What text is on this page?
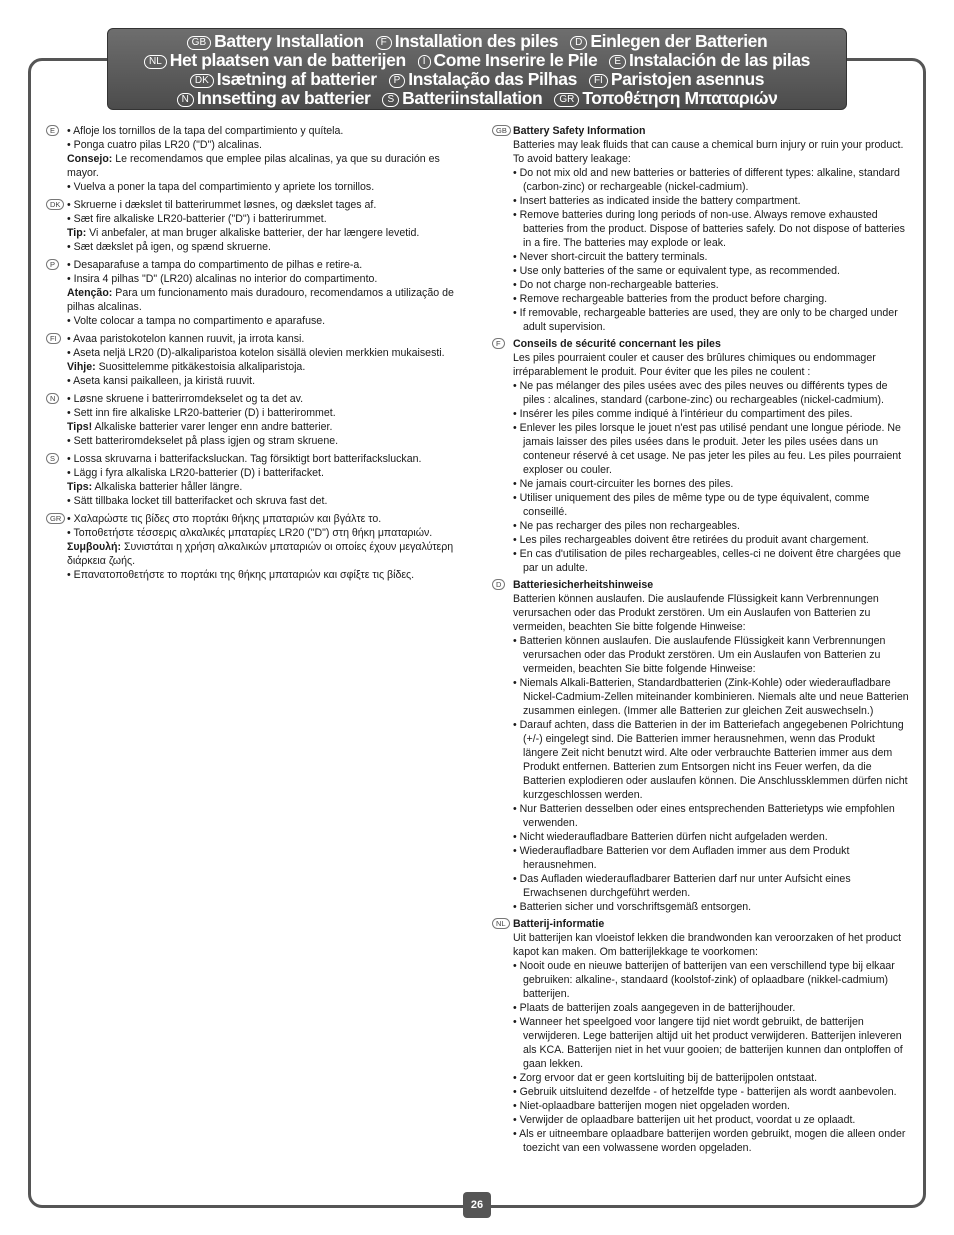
GB Battery Installation F Installation des piles D Einlegen der Batterien
NL Het plaatsen van de batterijen I Come Inserire le Pile E Instalación de las pilas
DK Isætning af batterier P Instalação das Pilhas FI Paristojen asennus
N Innsetting av batterier S Batteriinstallation GR Τοποθέτηση Μπαταριών
E	• Afloje los tornillos de la tapa del compartimiento y quítela.
• Ponga cuatro pilas LR20 ("D") alcalinas.
Consejo: Le recomendamos que emplee pilas alcalinas, ya que su duración es mayor.
• Vuelva a poner la tapa del compartimiento y apriete los tornillos.
DK • Skruerne i dækslet til batterirummet løsnes, og dækslet tages af.
• Sæt fire alkaliske LR20-batterier ("D") i batterirummet.
Tip: Vi anbefaler, at man bruger alkaliske batterier, der har længere levetid.
• Sæt dækslet på igen, og spænd skruerne.
P	• Desaparafuse a tampa do compartimento de pilhas e retire-a.
• Insira 4 pilhas "D" (LR20) alcalinas no interior do compartimento.
Atenção: Para um funcionamento mais duradouro, recomendamos a utilização de pilhas alcalinas.
• Volte colocar a tampa no compartimento e aparafuse.
FI • Avaa paristokotelon kannen ruuvit, ja irrota kansi.
• Aseta neljä LR20 (D)-alkaliparistoa kotelon sisällä olevien merkkien mukaisesti.
Vihje: Suosittelemme pitkäkestoisia alkaliparistoja.
• Aseta kansi paikalleen, ja kiristä ruuvit.
N	• Løsne skruene i batterirromdekselet og ta det av.
• Sett inn fire alkaliske LR20-batterier (D) i batterirommet.
Tips! Alkaliske batterier varer lenger enn andre batterier.
• Sett batteriromdekselet på plass igjen og stram skruene.
S	• Lossa skruvarna i batterifacksluckan. Tag försiktigt bort batterifacksluckan.
• Lägg i fyra alkaliska LR20-batterier (D) i batterifacket.
Tips: Alkaliska batterier håller längre.
• Sätt tillbaka locket till batterifacket och skruva fast det.
GR • Χαλαρώστε τις βίδες στο πορτάκι θήκης μπαταριών και βγάλτε το.
• Τοποθετήστε τέσσερις αλκαλικές μπαταρίες LR20 ("D") στη θήκη μπαταριών.
Συμβουλή: Συνιστάται η χρήση αλκαλικών μπαταριών οι οποίες έχουν μεγαλύτερη διάρκεια ζωής.
• Επανατοποθετήστε το πορτάκι της θήκης μπαταριών και σφίξτε τις βίδες.
GB Battery Safety Information
Batteries may leak fluids that can cause a chemical burn injury or ruin your product. To avoid battery leakage:
• Do not mix old and new batteries or batteries of different types: alkaline, standard (carbon-zinc) or rechargeable (nickel-cadmium).
• Insert batteries as indicated inside the battery compartment.
• Remove batteries during long periods of non-use. Always remove exhausted batteries from the product. Dispose of batteries safely. Do not dispose of batteries in a fire. The batteries may explode or leak.
• Never short-circuit the battery terminals.
• Use only batteries of the same or equivalent type, as recommended.
• Do not charge non-rechargeable batteries.
• Remove rechargeable batteries from the product before charging.
• If removable, rechargeable batteries are used, they are only to be charged under adult supervision.
F	Conseils de sécurité concernant les piles
Les piles pourraient couler et causer des brûlures chimiques ou endommager irréparablement le produit. Pour éviter que les piles ne coulent :
• Ne pas mélanger des piles usées avec des piles neuves ou différents types de piles : alcalines, standard (carbone-zinc) ou rechargeables (nickel-cadmium).
• Insérer les piles comme indiqué à l'intérieur du compartiment des piles.
• Enlever les piles lorsque le jouet n'est pas utilisé pendant une longue période. Ne jamais laisser des piles usées dans le produit. Jeter les piles usées dans un conteneur réservé à cet usage. Ne pas jeter les piles au feu. Les piles pourraient exploser ou couler.
• Ne jamais court-circuiter les bornes des piles.
• Utiliser uniquement des piles de même type ou de type équivalent, comme conseillé.
• Ne pas recharger des piles non rechargeables.
• Les piles rechargeables doivent être retirées du produit avant chargement.
• En cas d'utilisation de piles rechargeables, celles-ci ne doivent être chargées que par un adulte.
D	Batteriesicherheitshinweise
Batterien können auslaufen. Die auslaufende Flüssigkeit kann Verbrennungen verursachen oder das Produkt zerstören. Um ein Auslaufen von Batterien zu vermeiden, beachten Sie bitte folgende Hinweise:
• Batterien können auslaufen. Die auslaufende Flüssigkeit kann Verbrennungen verursachen oder das Produkt zerstören. Um ein Auslaufen von Batterien zu vermeiden, beachten Sie bitte folgende Hinweise:
• Niemals Alkali-Batterien, Standardbatterien (Zink-Kohle) oder wiederaufladbare Nickel-Cadmium-Zellen miteinander kombinieren. Niemals alte und neue Batterien zusammen einlegen. (Immer alle Batterien zur gleichen Zeit auswechseln.)
• Darauf achten, dass die Batterien in der im Batteriefach angegebenen Polrichtung (+/-) eingelegt sind. Die Batterien immer herausnehmen, wenn das Produkt längere Zeit nicht benutzt wird. Alte oder verbrauchte Batterien immer aus dem Produkt entfernen. Batterien zum Entsorgen nicht ins Feuer werfen, da die Batterien explodieren oder auslaufen können. Die Anschlussklemmen dürfen nicht kurzgeschlossen werden.
• Nur Batterien desselben oder eines entsprechenden Batterietyps wie empfohlen verwenden.
• Nicht wiederaufladbare Batterien dürfen nicht aufgeladen werden.
• Wiederaufladbare Batterien vor dem Aufladen immer aus dem Produkt herausnehmen.
• Das Aufladen wiederaufladbarer Batterien darf nur unter Aufsicht eines Erwachsenen durchgeführt werden.
• Batterien sicher und vorschriftsgemäß entsorgen.
NL Batterij-informatie
Uit batterijen kan vloeistof lekken die brandwonden kan veroorzaken of het product kapot kan maken. Om batterijlekkage te voorkomen:
• Nooit oude en nieuwe batterijen of batterijen van een verschillend type bij elkaar gebruiken: alkaline-, standaard (koolstof-zink) of oplaadbare (nikkel-cadmium) batterijen.
• Plaats de batterijen zoals aangegeven in de batterijhouder.
• Wanneer het speelgoed voor langere tijd niet wordt gebruikt, de batterijen verwijderen. Lege batterijen altijd uit het product verwijderen. Batterijen inleveren als KCA. Batterijen niet in het vuur gooien; de batterijen kunnen dan ontploffen of gaan lekken.
• Zorg ervoor dat er geen kortsluiting bij de batterijpolen ontstaat.
• Gebruik uitsluitend dezelfde - of hetzelfde type - batterijen als wordt aanbevolen.
• Niet-oplaadbare batterijen mogen niet opgeladen worden.
• Verwijder de oplaadbare batterijen uit het product, voordat u ze oplaadt.
• Als er uitneembare oplaadbare batterijen worden gebruikt, mogen die alleen onder toezicht van een volwassene worden opgeladen.
26
